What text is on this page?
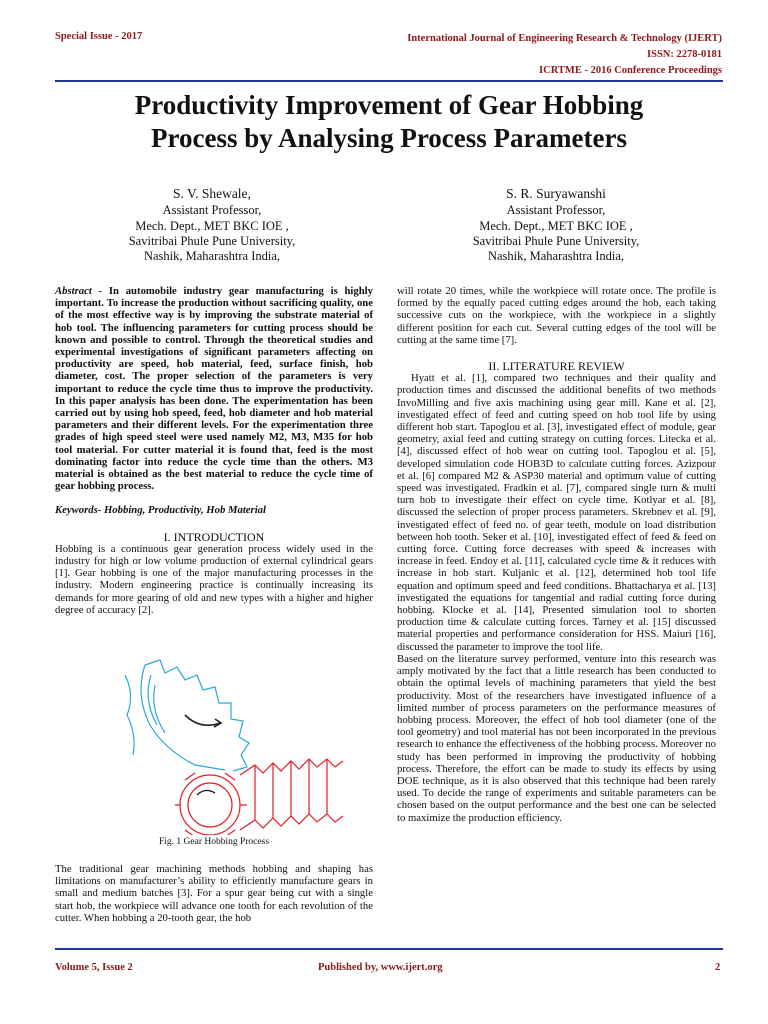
Special Issue - 2017	International Journal of Engineering Research & Technology (IJERT)
ISSN: 2278-0181
ICRTME - 2016 Conference Proceedings
Productivity Improvement of Gear Hobbing
Process by Analysing Process Parameters
S. V. Shewale,
Assistant Professor,
Mech. Dept., MET BKC IOE ,
Savitribai Phule Pune University,
Nashik, Maharashtra India,
S. R. Suryawanshi
Assistant Professor,
Mech. Dept., MET BKC IOE ,
Savitribai Phule Pune University,
Nashik, Maharashtra India,

Abstract - In automobile industry gear manufacturing is highly important. To increase the production without sacrificing quality, one of the most effective way is by improving the substrate material of hob tool. The influencing parameters for cutting process should be known and possible to control. Through the theoretical studies and experimental investigations of significant parameters affecting on productivity are speed, hob material, feed, surface finish, hob diameter, cost. The proper selection of the parameters is very important to reduce the cycle time thus to improve the productivity. In this paper analysis has been done. The experimentation has been carried out by using hob speed, feed, hob diameter and hob material parameters and their different levels. For the experimentation three grades of high speed steel were used namely M2, M3, M35 for hob tool material. For cutter material it is found that, feed is the most dominating factor into reduce the cycle time than the others. M3 material is obtained as the best material to reduce the cycle time of gear hobbing process.

Keywords- Hobbing, Productivity, Hob Material

I. INTRODUCTION

Hobbing is a continuous gear generation process widely used in the industry for high or low volume production of external cylindrical gears [1]. Gear hobbing is one of the major manufacturing processes in the industry. Modern engineering practice is continually increasing its demands for more gearing of old and new types with a higher and higher degree of accuracy [2].

Fig. 1 Gear Hobbing Process

The traditional gear machining methods hobbing and shaping has limitations on manufacturer’s ability to efficiently manufacture gears in small and medium batches [3]. For a spur gear being cut with a single start hob, the workpiece will advance one tooth for each revolution of the cutter. When hobbing a 20-tooth gear, the hob

will rotate 20 times, while the workpiece will rotate once. The profile is formed by the equally paced cutting edges around the hob, each taking successive cuts on the workpiece, with the workpiece in a slightly different position for each cut. Several cutting edges of the tool will be cutting at the same time [7].

II. LITERATURE REVIEW

Hyatt et al. [1], compared two techniques and their quality and production times and discussed the additional benefits of two methods InvoMilling and five axis machining using gear mill. Kane et al. [2], investigated effect of feed and cutting speed on hob tool life by using different hob start. Tapoglou et al. [3], investigated effect of module, gear geometry, axial feed and cutting strategy on cutting forces. Litecka et al. [4], discussed effect of hob wear on cutting tool. Tapoglou et al. [5], developed simulation code HOB3D to calculate cutting forces. Azizpour et al. [6] compared M2 & ASP30 material and optimum value of cutting speed was investigated. Fradkin et al. [7], compared single turn & multi turn hob to investigate their effect on cycle time. Kotlyar et al. [8], discussed the selection of proper process parameters. Skrebnev et al. [9], investigated effect of feed no. of gear teeth, module on load distribution between hob tooth. Seker et al. [10], investigated effect of feed & feed on cutting force. Cutting force decreases with speed & increases with increase in feed. Endoy et al. [11], calculated cycle time & it reduces with increase in hob start. Kuljanic et al. [12], determined hob tool life equation and optimum speed and feed conditions. Bhattacharya et al. [13] investigated the equations for tangential and radial cutting force during hobbing. Klocke et al. [14], Presented simulation tool to shorten production time & calculate cutting forces. Tarney et al. [15] discussed material properties and performance consideration for HSS. Maiuri [16], discussed the parameter to improve the tool life.

Based on the literature survey performed, venture into this research was amply motivated by the fact that a little research has been conducted to obtain the optimal levels of machining parameters that yield the best productivity. Most of the researchers have investigated influence of a limited number of process parameters on the performance measures of hobbing process. Moreover, the effect of hob tool diameter (one of the tool geometry) and tool material has not been incorporated in the previous research to enhance the effectiveness of the hobbing process. Moreover no study has been performed in improving the productivity of hobbing process. Therefore, the effort can be made to study its effects by using DOE technique, as it is also observed that this technique had been rarely used. To decide the range of experiments and suitable parameters can be chosen based on the output performance and the best one can be selected to maximize the production efficiency.

Volume 5, Issue 2	Published by, www.ijert.org	2
